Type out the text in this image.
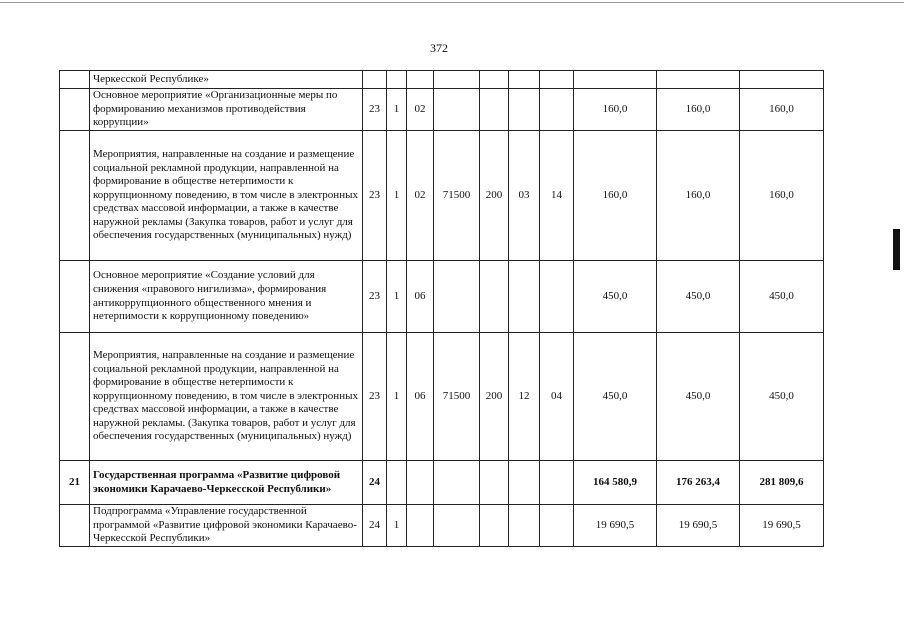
372
	Черкесской Республике»										
	Основное мероприятие «Организационные меры по формированию механизмов противодействия коррупции»	23	1	02					160,0	160,0	160,0
	Мероприятия, направленные на создание и размещение социальной рекламной продукции, направленной на формирование в обществе нетерпимости к коррупционному поведению, в том числе в электронных средствах массовой информации, а также в качестве наружной рекламы (Закупка товаров, работ и услуг для обеспечения государственных (муниципальных) нужд)	23	1	02	71500	200	03	14	160,0	160,0	160,0
	Основное мероприятие «Создание условий для снижения «правового нигилизма», формирования антикоррупционного общественного мнения и нетерпимости к коррупционному поведению»	23	1	06					450,0	450,0	450,0
	Мероприятия, направленные на создание и размещение социальной рекламной продукции, направленной на формирование в обществе нетерпимости к коррупционному поведению, в том числе в электронных средствах массовой информации, а также в качестве наружной рекламы. (Закупка товаров, работ и услуг для обеспечения государственных (муниципальных) нужд)	23	1	06	71500	200	12	04	450,0	450,0	450,0
21	Государственная программа «Развитие цифровой экономики Карачаево-Черкесской Республики»	24							164 580,9	176 263,4	281 809,6
	Подпрограмма «Управление государственной программой «Развитие цифровой экономики Карачаево-Черкесской Республики»	24	1						19 690,5	19 690,5	19 690,5
